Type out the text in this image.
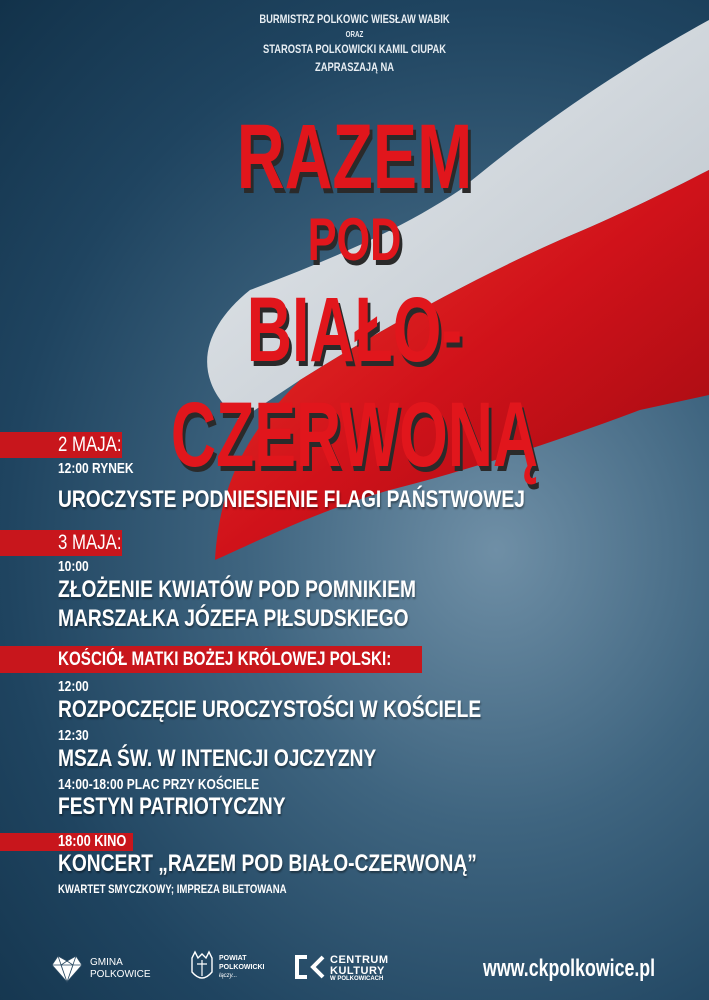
BURMISTRZ POLKOWIC WIESŁAW WABIK
ORAZ
STAROSTA POLKOWICKI KAMIL CIUPAK
ZAPRASZAJĄ NA
RAZEM
POD
BIAŁO-CZERWONĄ
2 MAJA:
12:00 RYNEK
UROCZYSTE PODNIESIENIE FLAGI PAŃSTWOWEJ
3 MAJA:
10:00
ZŁOŻENIE KWIATÓW POD POMNIKIEM
MARSZAŁKA JÓZEFA PIŁSUDSKIEGO
KOŚCIÓŁ MATKI BOŻEJ KRÓLOWEJ POLSKI:
12:00
ROZPOCZĘCIE UROCZYSTOŚCI W KOŚCIELE
12:30
MSZA ŚW. W INTENCJI OJCZYZNY
14:00-18:00 PLAC PRZY KOŚCIELE
FESTYN PATRIOTYCZNY
18:00 KINO
KONCERT „RAZEM POD BIAŁO-CZERWONĄ”
KWARTET SMYCZKOWY; IMPREZA BILETOWANA
GMINA
POLKOWICE
POWIAT
POLKOWICKI
łączy...
CENTRUM
KULTURY
W POLKOWICACH	www.ckpolkowice.pl
